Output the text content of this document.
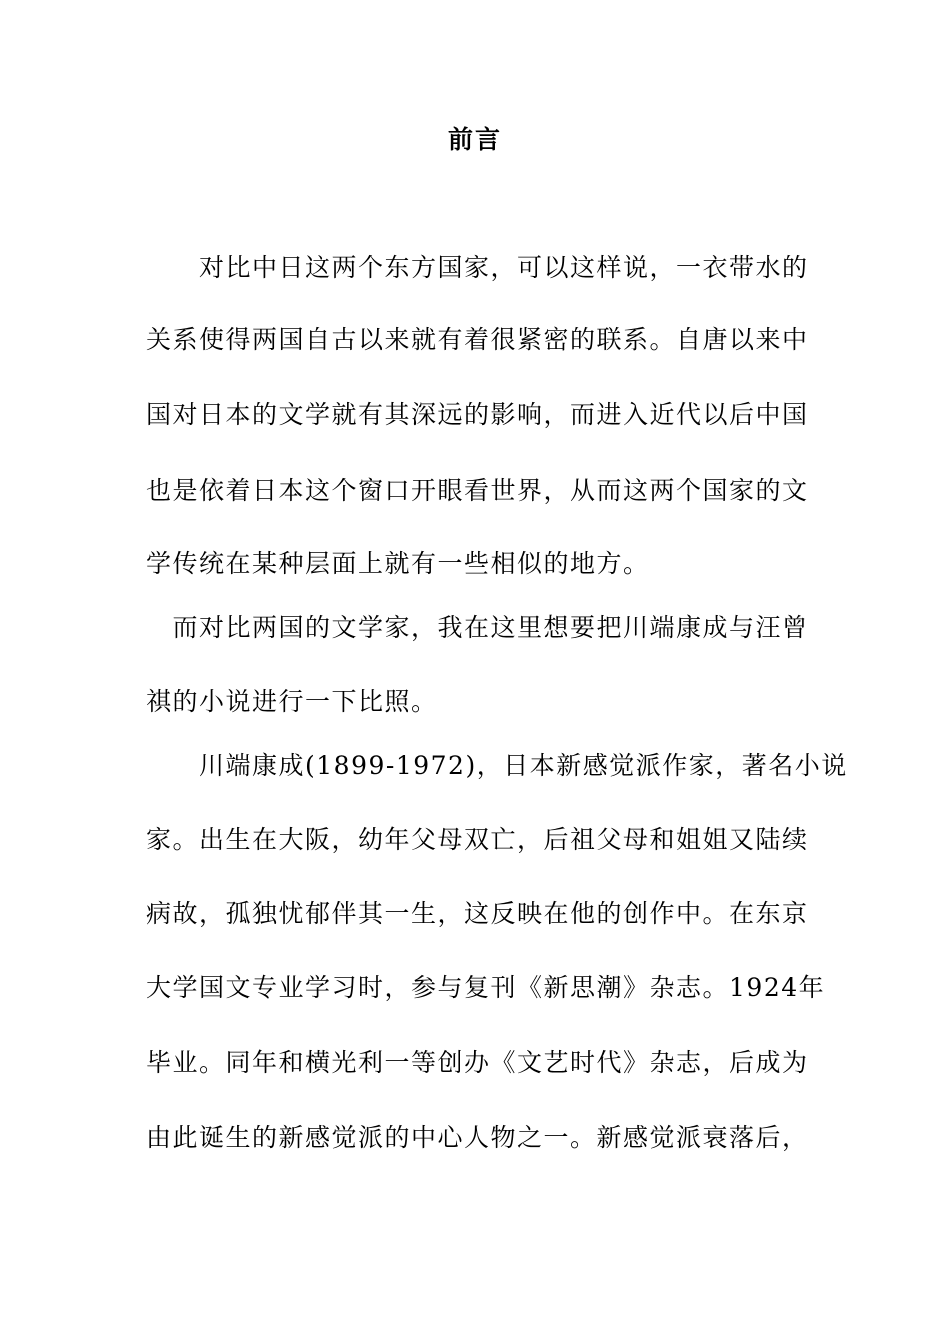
前言
　　对比中日这两个东方国家，可以这样说，一衣带水的
关系使得两国自古以来就有着很紧密的联系。自唐以来中
国对日本的文学就有其深远的影响，而进入近代以后中国
也是依着日本这个窗口开眼看世界，从而这两个国家的文
学传统在某种层面上就有一些相似的地方。
　而对比两国的文学家，我在这里想要把川端康成与汪曾
祺的小说进行一下比照。
　　川端康成(1899-1972)，日本新感觉派作家，著名小说
家。出生在大阪，幼年父母双亡，后祖父母和姐姐又陆续
病故，孤独忧郁伴其一生，这反映在他的创作中。在东京
大学国文专业学习时，参与复刊《新思潮》杂志。1924年
毕业。同年和横光利一等创办《文艺时代》杂志，后成为
由此诞生的新感觉派的中心人物之一。新感觉派衰落后，
